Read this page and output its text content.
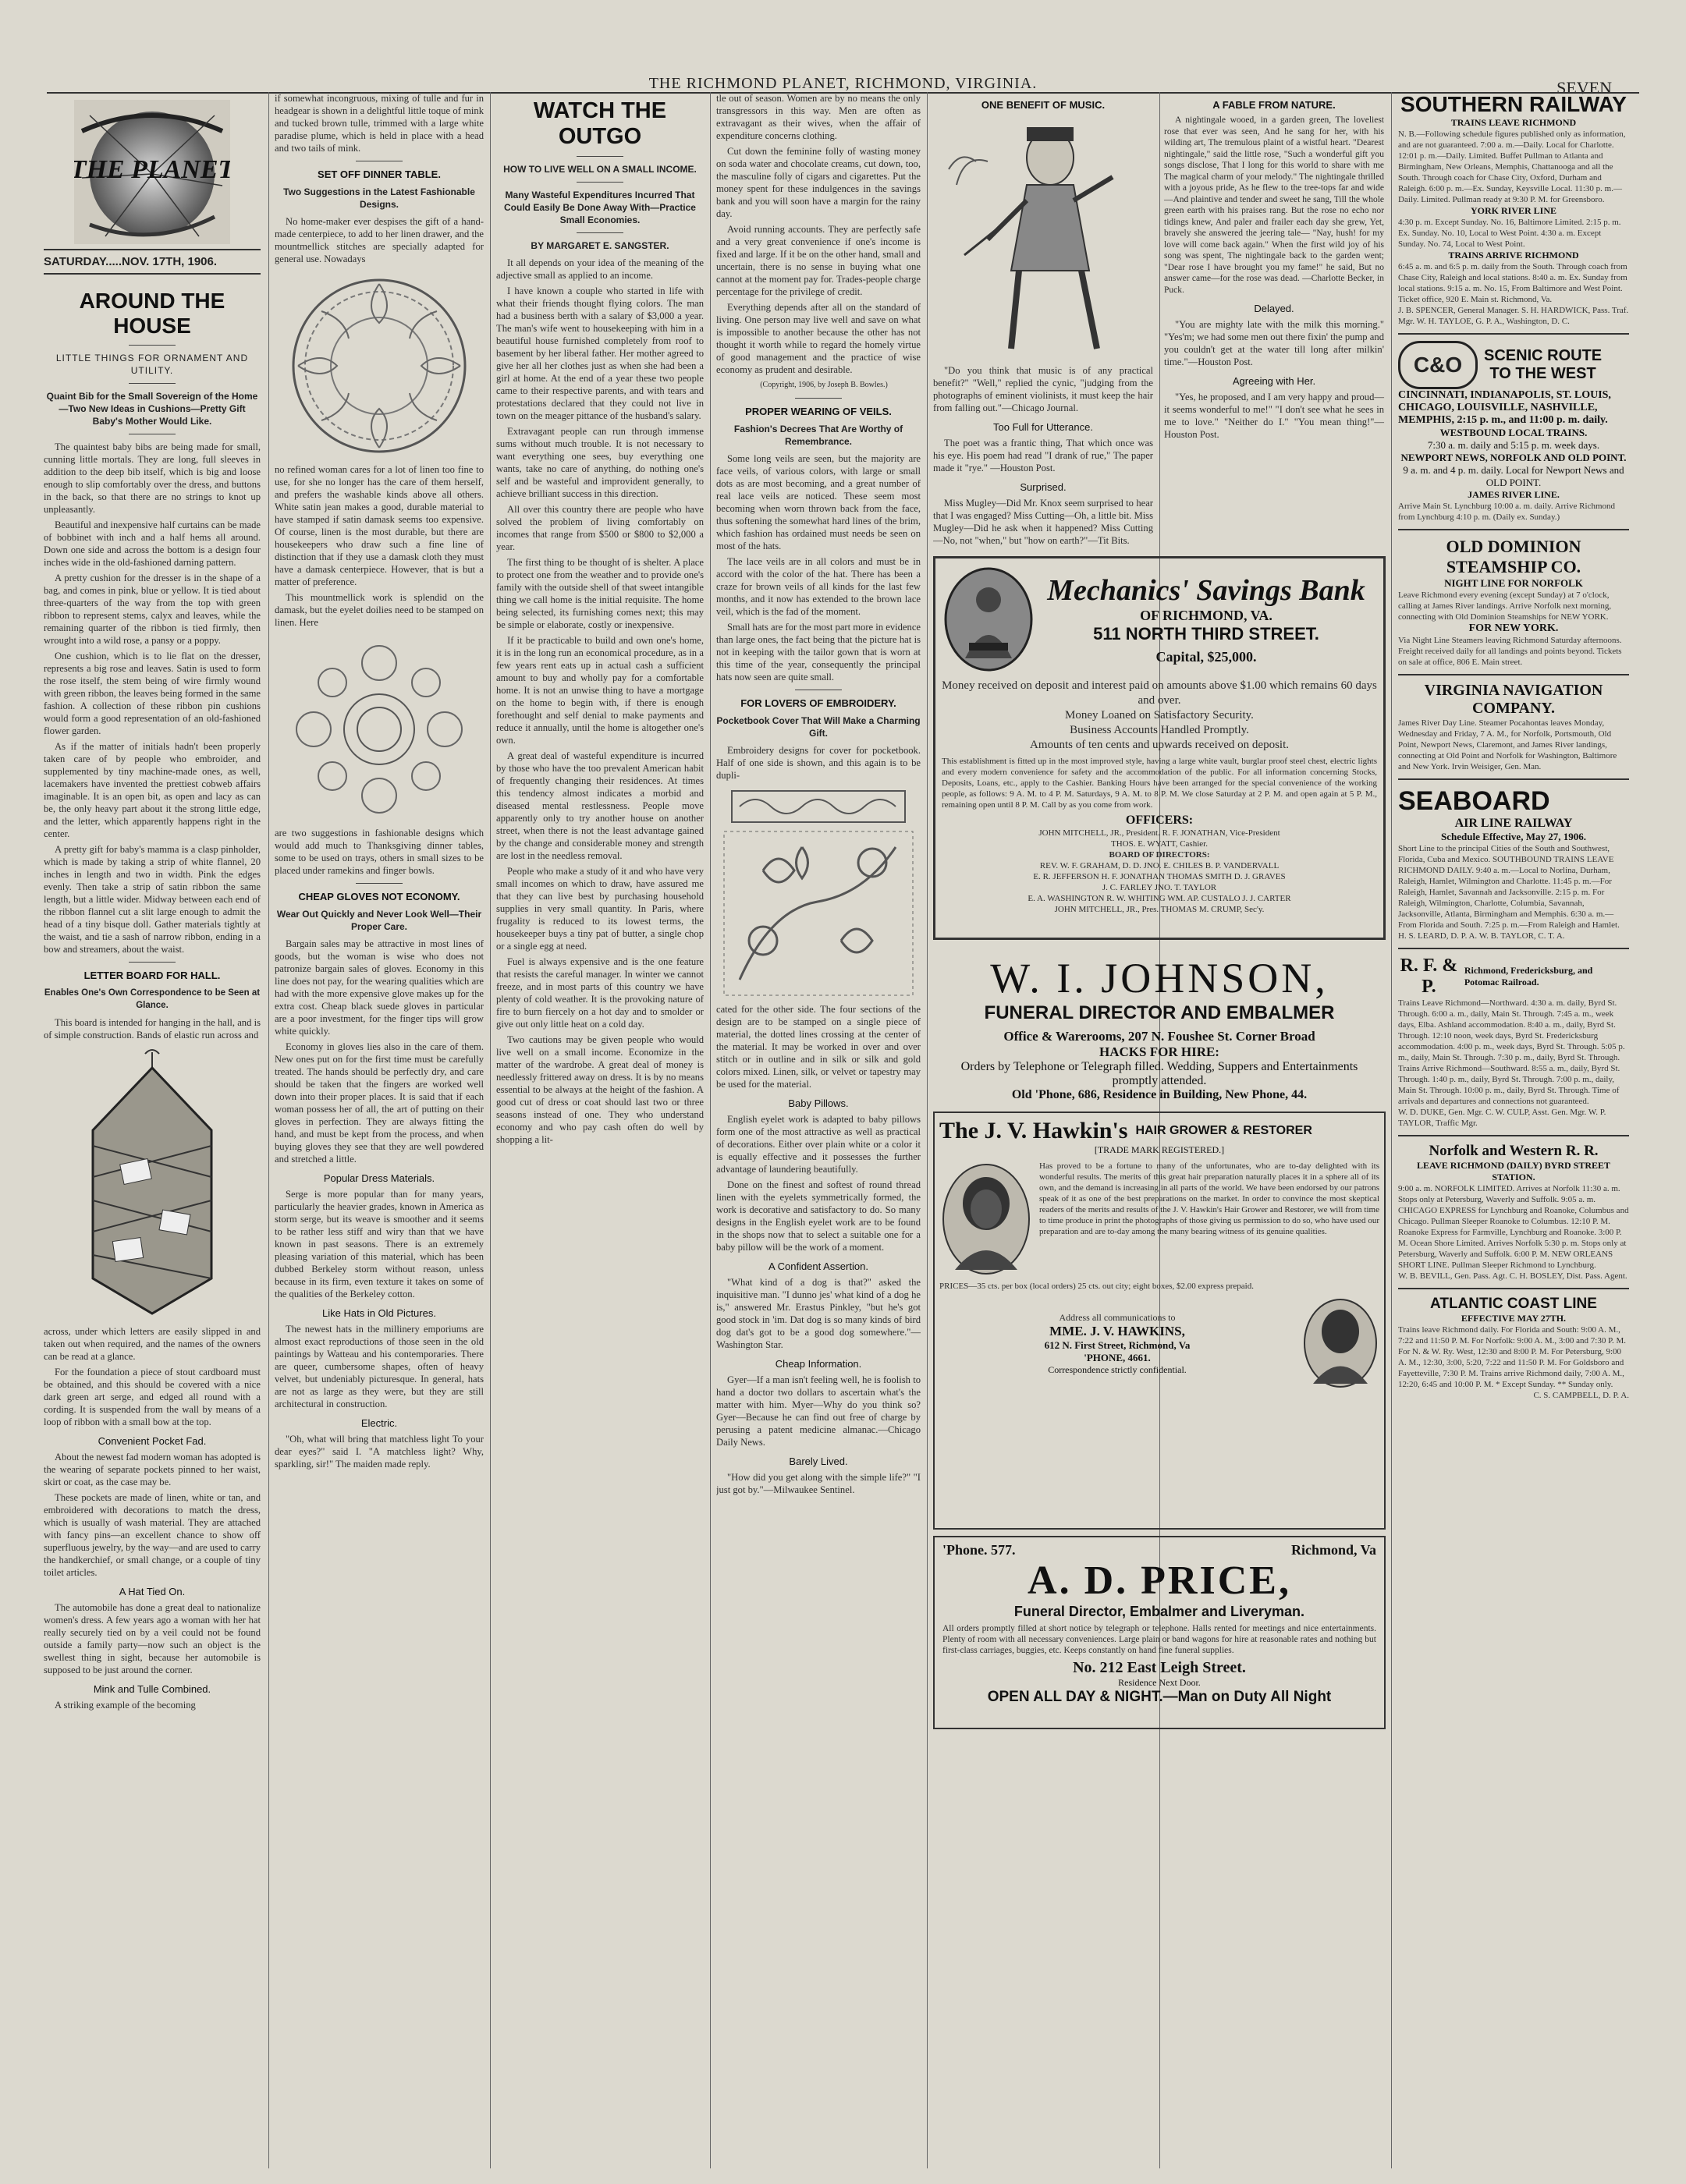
THE RICHMOND PLANET, RICHMOND, VIRGINIA.	SEVEN
THE PLANET
SATURDAY.....NOV. 17TH, 1906.
AROUND THE HOUSE
LITTLE THINGS FOR ORNAMENT AND UTILITY.
Quaint Bib for the Small Sovereign of the Home—Two New Ideas in Cushions—Pretty Gift Baby's Mother Would Like.

The quaintest baby bibs are being made for small, cunning little mortals. They are long, full sleeves in addition to the deep bib itself, which is big and loose enough to slip comfortably over the dress, and buttons in the back, so that there are no strings to knot up unpleasantly.

Beautiful and inexpensive half curtains can be made of bobbinet with inch and a half hems all around. Down one side and across the bottom is a design four inches wide in the old-fashioned darning pattern.

A pretty cushion for the dresser is in the shape of a bag, and comes in pink, blue or yellow. It is tied about three-quarters of the way from the top with green ribbon to represent stems, calyx and leaves, while the remaining quarter of the ribbon is tied firmly, then wrought into a wild rose, a pansy or a poppy.

One cushion, which is to lie flat on the dresser, represents a big rose and leaves. Satin is used to form the rose itself, the stem being of wire firmly wound with green ribbon, the leaves being formed in the same fashion. A collection of these ribbon pin cushions would form a good representation of an old-fashioned flower garden.

As if the matter of initials hadn't been properly taken care of by people who embroider, and supplemented by tiny machine-made ones, as well, lacemakers have invented the prettiest cobweb affairs imaginable. It is an open bit, as open and lacy as can be, the only heavy part about it the strong little edge, and the letter, which apparently happens right in the center.

A pretty gift for baby's mamma is a clasp pinholder, which is made by taking a strip of white flannel, 20 inches in length and two in width. Pink the edges evenly. Then take a strip of satin ribbon the same length, but a little wider. Midway between each end of the ribbon flannel cut a slit large enough to admit the head of a tiny bisque doll. Gather materials tightly at the waist, and tie a sash of narrow ribbon, ending in a bow and streamers, about the waist.

LETTER BOARD FOR HALL.
Enables One's Own Correspondence to be Seen at Glance.

This board is intended for hanging in the hall, and is of simple construction. Bands of elastic run across and

across, under which letters are easily slipped in and taken out when required, and the names of the owners can be read at a glance.

For the foundation a piece of stout cardboard must be obtained, and this should be covered with a nice dark green art serge, and edged all round with a cording. It is suspended from the wall by means of a loop of ribbon with a small bow at the top.

Convenient Pocket Fad.

About the newest fad modern woman has adopted is the wearing of separate pockets pinned to her waist, skirt or coat, as the case may be.

These pockets are made of linen, white or tan, and embroidered with decorations to match the dress, which is usually of wash material. They are attached with fancy pins—an excellent chance to show off superfluous jewelry, by the way—and are used to carry the handkerchief, or small change, or a couple of tiny toilet articles.

A Hat Tied On.

The automobile has done a great deal to nationalize women's dress. A few years ago a woman with her hat really securely tied on by a veil could not be found outside a family party—now such an object is the swellest thing in sight, because her automobile is supposed to be just around the corner.

Mink and Tulle Combined.

A striking example of the becoming

if somewhat incongruous, mixing of tulle and fur in headgear is shown in a delightful little toque of mink and tucked brown tulle, trimmed with a large white paradise plume, which is held in place with a head and two tails of mink.

SET OFF DINNER TABLE.
Two Suggestions in the Latest Fashionable Designs.

No home-maker ever despises the gift of a hand-made centerpiece, to add to her linen drawer, and the mountmellick stitches are specially adapted for general use. Nowadays

no refined woman cares for a lot of linen too fine to use, for she no longer has the care of them herself, and prefers the washable kinds above all others. White satin jean makes a good, durable material to have stamped if satin damask seems too expensive. Of course, linen is the most durable, but there are housekeepers who draw such a fine line of distinction that if they use a damask cloth they must have a damask centerpiece. However, that is but a matter of preference.

This mountmellick work is splendid on the damask, but the eyelet doilies need to be stamped on linen. Here

are two suggestions in fashionable designs which would add much to Thanksgiving dinner tables, some to be used on trays, others in small sizes to be placed under ramekins and finger bowls.

CHEAP GLOVES NOT ECONOMY.
Wear Out Quickly and Never Look Well—Their Proper Care.

Bargain sales may be attractive in most lines of goods, but the woman is wise who does not patronize bargain sales of gloves. Economy in this line does not pay, for the wearing qualities which are had with the more expensive glove makes up for the extra cost. Cheap black suede gloves in particular are a poor investment, for the finger tips will grow white quickly.

Economy in gloves lies also in the care of them. New ones put on for the first time must be carefully treated. The hands should be perfectly dry, and care should be taken that the fingers are worked well down into their proper places. It is said that if each woman possess her of all, the art of putting on their gloves in perfection. They are always fitting the hand, and must be kept from the process, and when buying gloves they see that they are well powdered and stretched a little.

Popular Dress Materials.

Serge is more popular than for many years, particularly the heavier grades, known in America as storm serge, but its weave is smoother and it seems to be rather less stiff and wiry than that we have known in past seasons. There is an extremely pleasing variation of this material, which has been dubbed Berkeley storm without reason, unless because in its firm, even texture it takes on some of the qualities of the Berkeley cotton.

Like Hats in Old Pictures.

The newest hats in the millinery emporiums are almost exact reproductions of those seen in the old paintings by Watteau and his contemporaries. There are queer, cumbersome shapes, often of heavy velvet, but undeniably picturesque. In general, hats are not as large as they were, but they are still architectural in construction.

Electric.

"Oh, what will bring that matchless light To your dear eyes?" said I. "A matchless light? Why, sparkling, sir!" The maiden made reply.

WATCH THE OUTGO
HOW TO LIVE WELL ON A SMALL INCOME.
Many Wasteful Expenditures Incurred That Could Easily Be Done Away With—Practice Small Economies.
BY MARGARET E. SANGSTER.

It all depends on your idea of the meaning of the adjective small as applied to an income.

I have known a couple who started in life with what their friends thought flying colors. The man had a business berth with a salary of $3,000 a year. The man's wife went to housekeeping with him in a beautiful house furnished completely from roof to basement by her liberal father. Her mother agreed to give her all her clothes just as when she had been a girl at home. At the end of a year these two people came to their respective parents, and with tears and protestations declared that they could not live in town on the meager pittance of the husband's salary.

Extravagant people can run through immense sums without much trouble. It is not necessary to want everything one sees, buy everything one wants, take no care of anything, do nothing one's self and be wasteful and improvident generally, to achieve brilliant success in this direction.

All over this country there are people who have solved the problem of living comfortably on incomes that range from $500 or $800 to $2,000 a year.

The first thing to be thought of is shelter. A place to protect one from the weather and to provide one's family with the outside shell of that sweet intangible thing we call home is the initial requisite. The home being selected, its furnishing comes next; this may be simple or elaborate, costly or inexpensive.

If it be practicable to build and own one's home, it is in the long run an economical procedure, as in a few years rent eats up in actual cash a sufficient amount to buy and wholly pay for a comfortable home. It is not an unwise thing to have a mortgage on the home to begin with, if there is enough forethought and self denial to make payments and reduce it annually, until the home is altogether one's own.

A great deal of wasteful expenditure is incurred by those who have the too prevalent American habit of frequently changing their residences. At times this tendency almost indicates a morbid and diseased mental restlessness. People move apparently only to try another house on another street, when there is not the least advantage gained by the change and considerable money and strength are lost in the needless removal.

People who make a study of it and who have very small incomes on which to draw, have assured me that they can live best by purchasing household supplies in very small quantity. In Paris, where frugality is reduced to its lowest terms, the housekeeper buys a tiny pat of butter, a single chop or a single egg at need.

Fuel is always expensive and is the one feature that resists the careful manager. In winter we cannot freeze, and in most parts of this country we have plenty of cold weather. It is the provoking nature of fire to burn fiercely on a hot day and to smolder or give out only little heat on a cold day.

Two cautions may be given people who would live well on a small income. Economize in the matter of the wardrobe. A great deal of money is needlessly frittered away on dress. It is by no means essential to be always at the height of the fashion. A good cut of dress or coat should last two or three seasons instead of one. They who understand economy and who pay cash often do well by shopping a lit-

tle out of season. Women are by no means the only transgressors in this way. Men are often as extravagant as their wives, when the affair of expenditure concerns clothing.

Cut down the feminine folly of wasting money on soda water and chocolate creams, cut down, too, the masculine folly of cigars and cigarettes. Put the money spent for these indulgences in the savings bank and you will soon have a margin for the rainy day.

Avoid running accounts. They are perfectly safe and a very great convenience if one's income is fixed and large. If it be on the other hand, small and uncertain, there is no sense in buying what one cannot at the moment pay for. Trades-people charge percentage for the privilege of credit.

Everything depends after all on the standard of living. One person may live well and save on what is impossible to another because the other has not thought it worth while to regard the homely virtue of good management and the practice of wise economy as prudent and desirable.

(Copyright, 1906, by Joseph B. Bowles.)

PROPER WEARING OF VEILS.
Fashion's Decrees That Are Worthy of Remembrance.

Some long veils are seen, but the majority are face veils, of various colors, with large or small dots as are most becoming, and a great number of real lace veils are noticed. These seem most becoming when worn thrown back from the face, thus softening the somewhat hard lines of the brim, which fashion has ordained must needs be seen on most of the hats.

The lace veils are in all colors and must be in accord with the color of the hat. There has been a craze for brown veils of all kinds for the last few months, and it now has extended to the brown lace veil, which is the fad of the moment.

Small hats are for the most part more in evidence than large ones, the fact being that the picture hat is not in keeping with the tailor gown that is worn at this time of the year, consequently the principal hats now seen are quite small.

FOR LOVERS OF EMBROIDERY.
Pocketbook Cover That Will Make a Charming Gift.

Embroidery designs for cover for pocketbook. Half of one side is shown, and this again is to be dupli-

cated for the other side. The four sections of the design are to be stamped on a single piece of material, the dotted lines crossing at the center of the material. It may be worked in over and over stitch or in outline and in silk or silk and gold colors mixed. Linen, silk, or velvet or tapestry may be used for the material.

Baby Pillows.

English eyelet work is adapted to baby pillows form one of the most attractive as well as practical of decorations. Either over plain white or a color it is equally effective and it possesses the further advantage of laundering beautifully.

Done on the finest and softest of round thread linen with the eyelets symmetrically formed, the work is decorative and satisfactory to do. So many designs in the English eyelet work are to be found in the shops now that to select a suitable one for a baby pillow will be the work of a moment.

A Confident Assertion.

"What kind of a dog is that?" asked the inquisitive man. "I dunno jes' what kind of a dog he is," answered Mr. Erastus Pinkley, "but he's got good stock in 'im. Dat dog is so many kinds of bird dog dat's got to be a good dog somewhere."—Washington Star.

Cheap Information.

Gyer—If a man isn't feeling well, he is foolish to hand a doctor two dollars to ascertain what's the matter with him. Myer—Why do you think so? Gyer—Because he can find out free of charge by perusing a patent medicine almanac.—Chicago Daily News.

Barely Lived.

"How did you get along with the simple life?" "I just got by."—Milwaukee Sentinel.

ONE BENEFIT OF MUSIC.

"Do you think that music is of any practical benefit?" "Well," replied the cynic, "judging from the photographs of eminent violinists, it must keep the hair from falling out."—Chicago Journal.

Too Full for Utterance.

The poet was a frantic thing, That which once was his eye. His poem had read "I drank of rue," The paper made it "rye." —Houston Post.

Surprised.

Miss Mugley—Did Mr. Knox seem surprised to hear that I was engaged? Miss Cutting—Oh, a little bit. Miss Mugley—Did he ask when it happened? Miss Cutting—No, not "when," but "how on earth?"—Tit Bits.

A FABLE FROM NATURE.

A nightingale wooed, in a garden green, The loveliest rose that ever was seen, And he sang for her, with his wilding art, The tremulous plaint of a wistful heart. "Dearest nightingale," said the little rose, "Such a wonderful gift you songs disclose, That I long for this world to share with me The magical charm of your melody." The nightingale thrilled with a joyous pride, As he flew to the tree-tops far and wide—And plaintive and tender and sweet he sang, Till the whole green earth with his praises rang. But the rose no echo nor tidings knew, And paler and frailer each day she grew, Yet, bravely she answered the jeering tale— "Nay, hush! for my love will come back again." When the first wild joy of his song was spent, The nightingale back to the garden went; "Dear rose I have brought you my fame!" he said, But no answer came—for the rose was dead. —Charlotte Becker, in Puck.

Delayed.

"You are mighty late with the milk this morning." "Yes'm; we had some men out there fixin' the pump and you couldn't get at the water till long after milkin' time."—Houston Post.

Agreeing with Her.

"Yes, he proposed, and I am very happy and proud—it seems wonderful to me!" "I don't see what he sees in me to love." "Neither do I." "You mean thing!"—Houston Post.

Mechanics' Savings Bank
OF RICHMOND, VA.
511 NORTH THIRD STREET.
Capital, $25,000.
Money received on deposit and interest paid on amounts above $1.00 which remains 60 days and over.
Money Loaned on Satisfactory Security.
Business Accounts Handled Promptly.
Amounts of ten cents and upwards received on deposit.
This establishment is fitted up in the most improved style, having a large white vault, burglar proof steel chest, electric lights and every modern convenience for safety and the accommodation of the public. For all information concerning Stocks, Deposits, Loans, etc., apply to the Cashier. Banking Hours have been arranged for the special convenience of the working people, as follows: 9 A. M. to 4 P. M. Saturdays, 9 A. M. to 8 P. M. We close Saturday at 2 P. M. and open again at 5 P. M., remaining open until 8 P. M. Call by as you come from work.
OFFICERS:
JOHN MITCHELL, JR., President. R. F. JONATHAN, Vice-President
THOS. E. WYATT, Cashier.
BOARD OF DIRECTORS:
REV. W. F. GRAHAM, D. D. JNO. E. CHILES B. P. VANDERVALL
E. R. JEFFERSON H. F. JONATHAN THOMAS SMITH D. J. GRAVES
J. C. FARLEY JNO. T. TAYLOR
E. A. WASHINGTON R. W. WHITING WM. AP. CUSTALO J. J. CARTER
JOHN MITCHELL, JR., Pres. THOMAS M. CRUMP, Sec'y.
W. I. JOHNSON,
FUNERAL DIRECTOR AND EMBALMER
Office & Warerooms, 207 N. Foushee St. Corner Broad
HACKS FOR HIRE:
Orders by Telephone or Telegraph filled. Wedding, Suppers and Entertainments promptly attended.
Old 'Phone, 686, Residence in Building, New Phone, 44.
The J. V. Hawkin's HAIR GROWER & RESTORER
[TRADE MARK REGISTERED.]
Has proved to be a fortune to many of the unfortunates, who are to-day delighted with its wonderful results. The merits of this great hair preparation naturally places it in a sphere all of its own, and the demand is increasing in all parts of the world. We have been endorsed by our patrons speak of it as one of the best preparations on the market. In order to convince the most skeptical readers of the merits and results of the J. V. Hawkin's Hair Grower and Restorer, we will from time to time produce in print the photographs of those giving us permission to do so, who have used our preparation and are to-day among the many bearing witness of its genuine qualities.
PRICES—35 cts. per box (local orders) 25 cts. out city; eight boxes, $2.00 express prepaid.
Address all communications to
MME. J. V. HAWKINS,
612 N. First Street, Richmond, Va
'PHONE, 4661.
Correspondence strictly confidential.
'Phone. 577.	Richmond, Va
A. D. PRICE,
Funeral Director, Embalmer and Liveryman.
All orders promptly filled at short notice by telegraph or telephone. Halls rented for meetings and nice entertainments. Plenty of room with all necessary conveniences. Large plain or band wagons for hire at reasonable rates and nothing but first-class carriages, buggies, etc. Keeps constantly on hand fine funeral supplies.
No. 212 East Leigh Street.
Residence Next Door.
OPEN ALL DAY & NIGHT.—Man on Duty All Night
SOUTHERN RAILWAY
TRAINS LEAVE RICHMOND
N. B.—Following schedule figures published only as information, and are not guaranteed. 7:00 a. m.—Daily. Local for Charlotte. 12:01 p. m.—Daily. Limited. Buffet Pullman to Atlanta and Birmingham, New Orleans, Memphis, Chattanooga and all the South. Through coach for Chase City, Oxford, Durham and Raleigh. 6:00 p. m.—Ex. Sunday, Keysville Local. 11:30 p. m.—Daily. Limited. Pullman ready at 9:30 P. M. for Greensboro.
YORK RIVER LINE
4:30 p. m. Except Sunday. No. 16, Baltimore Limited. 2:15 p. m. Ex. Sunday. No. 10, Local to West Point. 4:30 a. m. Except Sunday. No. 74, Local to West Point.
TRAINS ARRIVE RICHMOND
6:45 a. m. and 6:5 p. m. daily from the South. Through coach from Chase City, Raleigh and local stations. 8:40 a. m. Ex. Sunday from local stations. 9:15 a. m. No. 15, From Baltimore and West Point.
Ticket office, 920 E. Main st. Richmond, Va.
J. B. SPENCER, General Manager. S. H. HARDWICK, Pass. Traf. Mgr. W. H. TAYLOE, G. P. A., Washington, D. C.
C&O	SCENIC ROUTE
TO THE WEST
CINCINNATI, INDIANAPOLIS, ST. LOUIS, CHICAGO, LOUISVILLE, NASHVILLE, MEMPHIS, 2:15 p. m., and 11:00 p. m. daily.
WESTBOUND LOCAL TRAINS.
7:30 a. m. daily and 5:15 p. m. week days.
NEWPORT NEWS, NORFOLK AND OLD POINT.
9 a. m. and 4 p. m. daily. Local for Newport News and OLD POINT.
JAMES RIVER LINE.
Arrive Main St. Lynchburg 10:00 a. m. daily. Arrive Richmond from Lynchburg 4:10 p. m. (Daily ex. Sunday.)
OLD DOMINION STEAMSHIP CO.
NIGHT LINE FOR NORFOLK
Leave Richmond every evening (except Sunday) at 7 o'clock, calling at James River landings. Arrive Norfolk next morning, connecting with Old Dominion Steamships for NEW YORK.
FOR NEW YORK.
Via Night Line Steamers leaving Richmond Saturday afternoons. Freight received daily for all landings and points beyond. Tickets on sale at office, 806 E. Main street.
VIRGINIA NAVIGATION COMPANY.
James River Day Line. Steamer Pocahontas leaves Monday, Wednesday and Friday, 7 A. M., for Norfolk, Portsmouth, Old Point, Newport News, Claremont, and James River landings, connecting at Old Point and Norfolk for Washington, Baltimore and New York. Irvin Weisiger, Gen. Man.
SEABOARD
AIR LINE RAILWAY
Schedule Effective, May 27, 1906.
Short Line to the principal Cities of the South and Southwest, Florida, Cuba and Mexico. SOUTHBOUND TRAINS LEAVE RICHMOND DAILY. 9:40 a. m.—Local to Norlina, Durham, Raleigh, Hamlet, Wilmington and Charlotte. 11:45 p. m.—For Raleigh, Hamlet, Savannah and Jacksonville. 2:15 p. m. For Raleigh, Wilmington, Charlotte, Columbia, Savannah, Jacksonville, Atlanta, Birmingham and Memphis. 6:30 a. m.—From Florida and South. 7:25 p. m.—From Raleigh and Hamlet.
H. S. LEARD, D. P. A. W. B. TAYLOR, C. T. A.
R. F. & P.
Richmond, Fredericksburg, and Potomac Railroad.
Trains Leave Richmond—Northward. 4:30 a. m. daily, Byrd St. Through. 6:00 a. m., daily, Main St. Through. 7:45 a. m., week days, Elba. Ashland accommodation. 8:40 a. m., daily, Byrd St. Through. 12:10 noon, week days, Byrd St. Fredericksburg accommodation. 4:00 p. m., week days, Byrd St. Through. 5:05 p. m., daily, Main St. Through. 7:30 p. m., daily, Byrd St. Through. Trains Arrive Richmond—Southward. 8:55 a. m., daily, Byrd St. Through. 1:40 p. m., daily, Byrd St. Through. 7:00 p. m., daily, Main St. Through. 10:00 p. m., daily, Byrd St. Through. Time of arrivals and departures and connections not guaranteed.
W. D. DUKE, Gen. Mgr. C. W. CULP, Asst. Gen. Mgr. W. P. TAYLOR, Traffic Mgr.
Norfolk and Western R. R.
LEAVE RICHMOND (DAILY) BYRD STREET STATION.
9:00 a. m. NORFOLK LIMITED. Arrives at Norfolk 11:30 a. m. Stops only at Petersburg, Waverly and Suffolk. 9:05 a. m. CHICAGO EXPRESS for Lynchburg and Roanoke, Columbus and Chicago. Pullman Sleeper Roanoke to Columbus. 12:10 P. M. Roanoke Express for Farmville, Lynchburg and Roanoke. 3:00 P. M. Ocean Shore Limited. Arrives Norfolk 5:30 p. m. Stops only at Petersburg, Waverly and Suffolk. 6:00 P. M. NEW ORLEANS SHORT LINE. Pullman Sleeper Richmond to Lynchburg.
W. B. BEVILL, Gen. Pass. Agt. C. H. BOSLEY, Dist. Pass. Agent.
ATLANTIC COAST LINE
EFFECTIVE MAY 27TH.
Trains leave Richmond daily. For Florida and South: 9:00 A. M., 7:22 and 11:50 P. M. For Norfolk: 9:00 A. M., 3:00 and 7:30 P. M. For N. & W. Ry. West, 12:30 and 8:00 P. M. For Petersburg, 9:00 A. M., 12:30, 3:00, 5:20, 7:22 and 11:50 P. M. For Goldsboro and Fayetteville, 7:30 P. M. Trains arrive Richmond daily, 7:00 A. M., 12:20, 6:45 and 10:00 P. M. * Except Sunday. ** Sunday only.
C. S. CAMPBELL, D. P. A.
